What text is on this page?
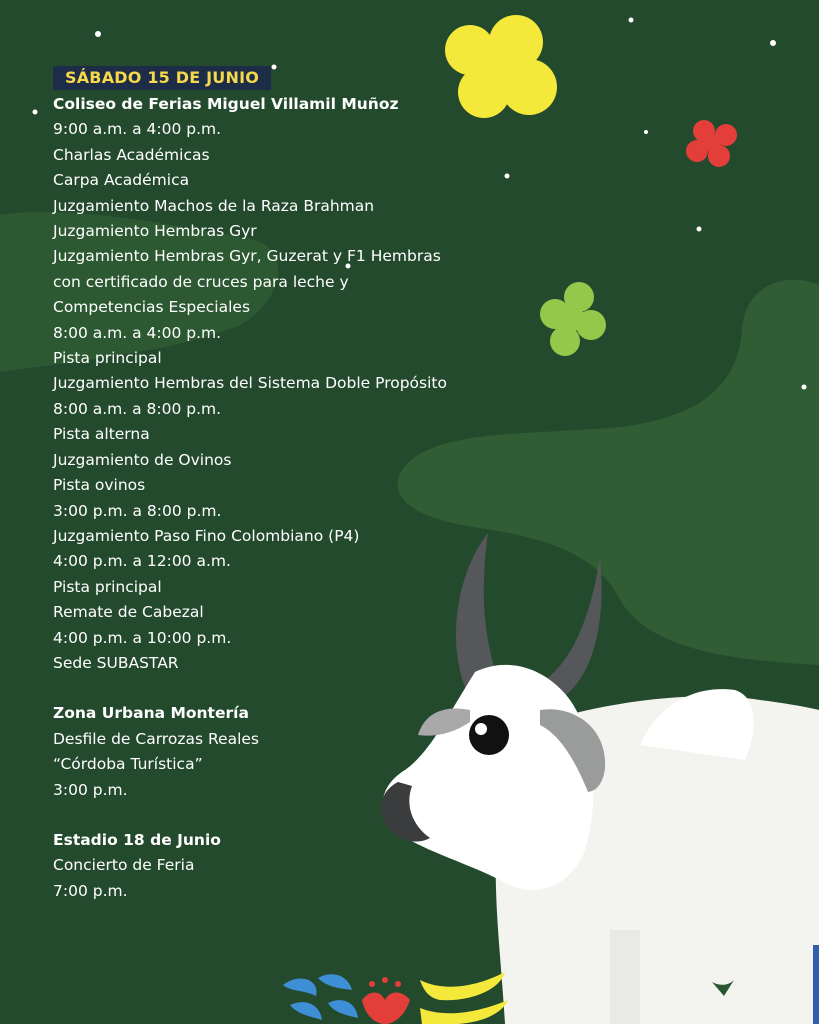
SÁBADO 15 DE JUNIO

Coliseo de Ferias Miguel Villamil Muñoz

9:00 a.m. a 4:00 p.m.

Charlas Académicas

Carpa Académica

Juzgamiento Machos de la Raza Brahman

Juzgamiento Hembras Gyr

Juzgamiento Hembras Gyr, Guzerat y F1 Hembras

con certificado de cruces para leche y

Competencias Especiales

8:00 a.m. a 4:00 p.m.

Pista principal

Juzgamiento Hembras del Sistema Doble Propósito

8:00 a.m. a 8:00 p.m.

Pista alterna

Juzgamiento de Ovinos

Pista ovinos

3:00 p.m. a 8:00 p.m.

Juzgamiento Paso Fino Colombiano (P4)

4:00 p.m. a 12:00 a.m.

Pista principal

Remate de Cabezal

4:00 p.m. a 10:00 p.m.

Sede SUBASTAR

Zona Urbana Montería

Desfile de Carrozas Reales

“Córdoba Turística”

3:00 p.m.

Estadio 18 de Junio

Concierto de Feria

7:00 p.m.
